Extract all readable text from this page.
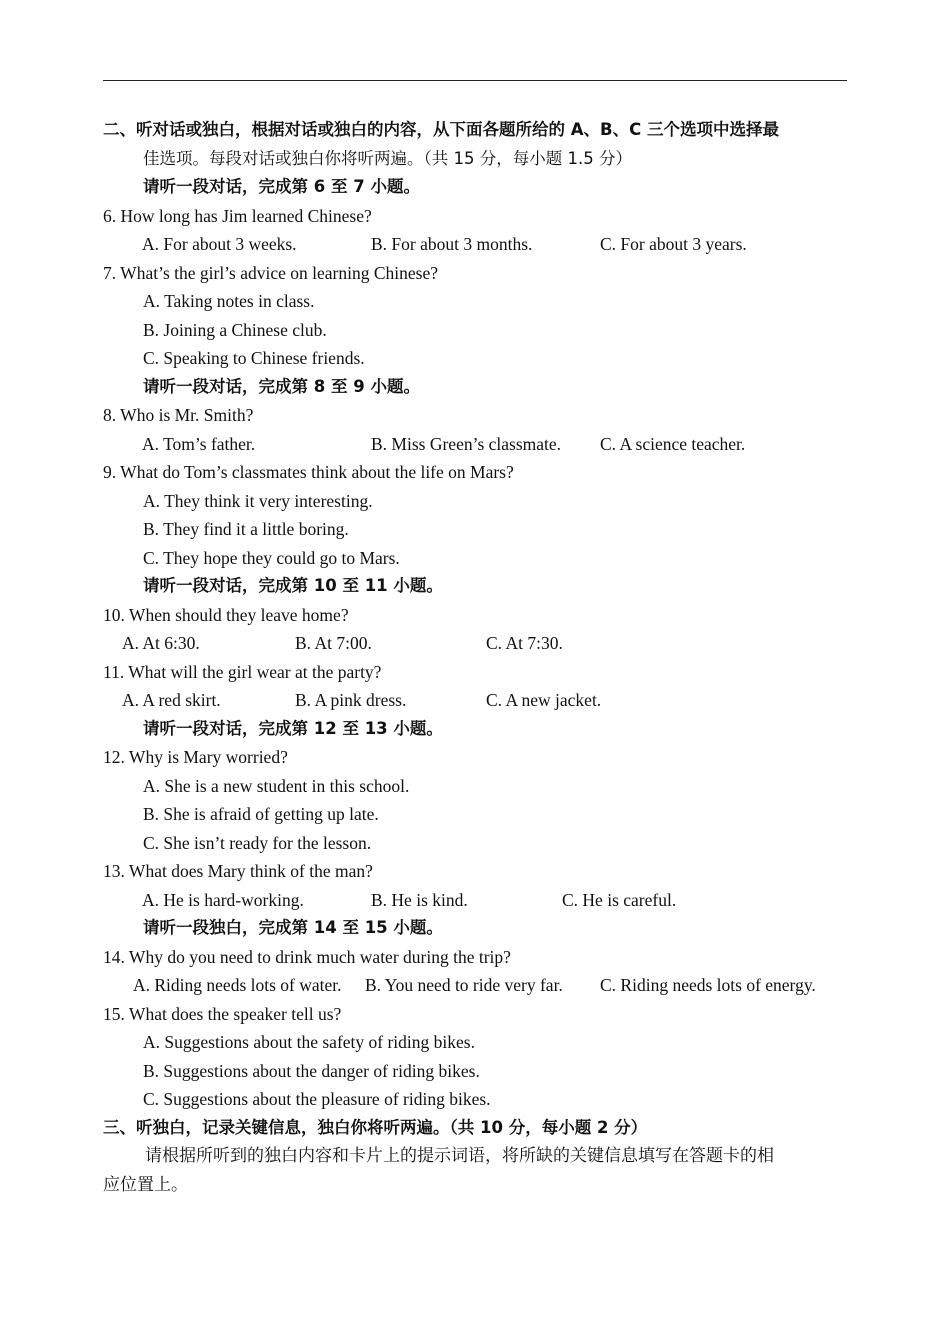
二、听对话或独白，根据对话或独白的内容，从下面各题所给的 A、B、C 三个选项中选择最
佳选项。每段对话或独白你将听两遍。（共 15 分，每小题 1.5 分）
请听一段对话，完成第 6 至 7 小题。
6. How long has Jim learned Chinese?
A. For about 3 weeks.	B. For about 3 months.	C. For about 3 years.
7. What’s the girl’s advice on learning Chinese?
A. Taking notes in class.
B. Joining a Chinese club.
C. Speaking to Chinese friends.
请听一段对话，完成第 8 至 9 小题。
8. Who is Mr. Smith?
A. Tom’s father.	B. Miss Green’s classmate. C. A science teacher.
9. What do Tom’s classmates think about the life on Mars?
A. They think it very interesting.
B. They find it a little boring.
C. They hope they could go to Mars.
请听一段对话，完成第 10 至 11 小题。
10. When should they leave home?
A. At 6:30.	B. At 7:00.	C. At 7:30.
11. What will the girl wear at the party?
A. A red skirt.	B. A pink dress.	C. A new jacket.
请听一段对话，完成第 12 至 13 小题。
12. Why is Mary worried?
A. She is a new student in this school.
B. She is afraid of getting up late.
C. She isn’t ready for the lesson.
13. What does Mary think of the man?
A. He is hard-working.	B. He is kind.	C. He is careful.
请听一段独白，完成第 14 至 15 小题。
14. Why do you need to drink much water during the trip?
A. Riding needs lots of water. B. You need to ride very far. C. Riding needs lots of energy.
15. What does the speaker tell us?
A. Suggestions about the safety of riding bikes.
B. Suggestions about the danger of riding bikes.
C. Suggestions about the pleasure of riding bikes.
三、听独白，记录关键信息，独白你将听两遍。（共 10 分，每小题 2 分）
请根据所听到的独白内容和卡片上的提示词语，将所缺的关键信息填写在答题卡的相
应位置上。
